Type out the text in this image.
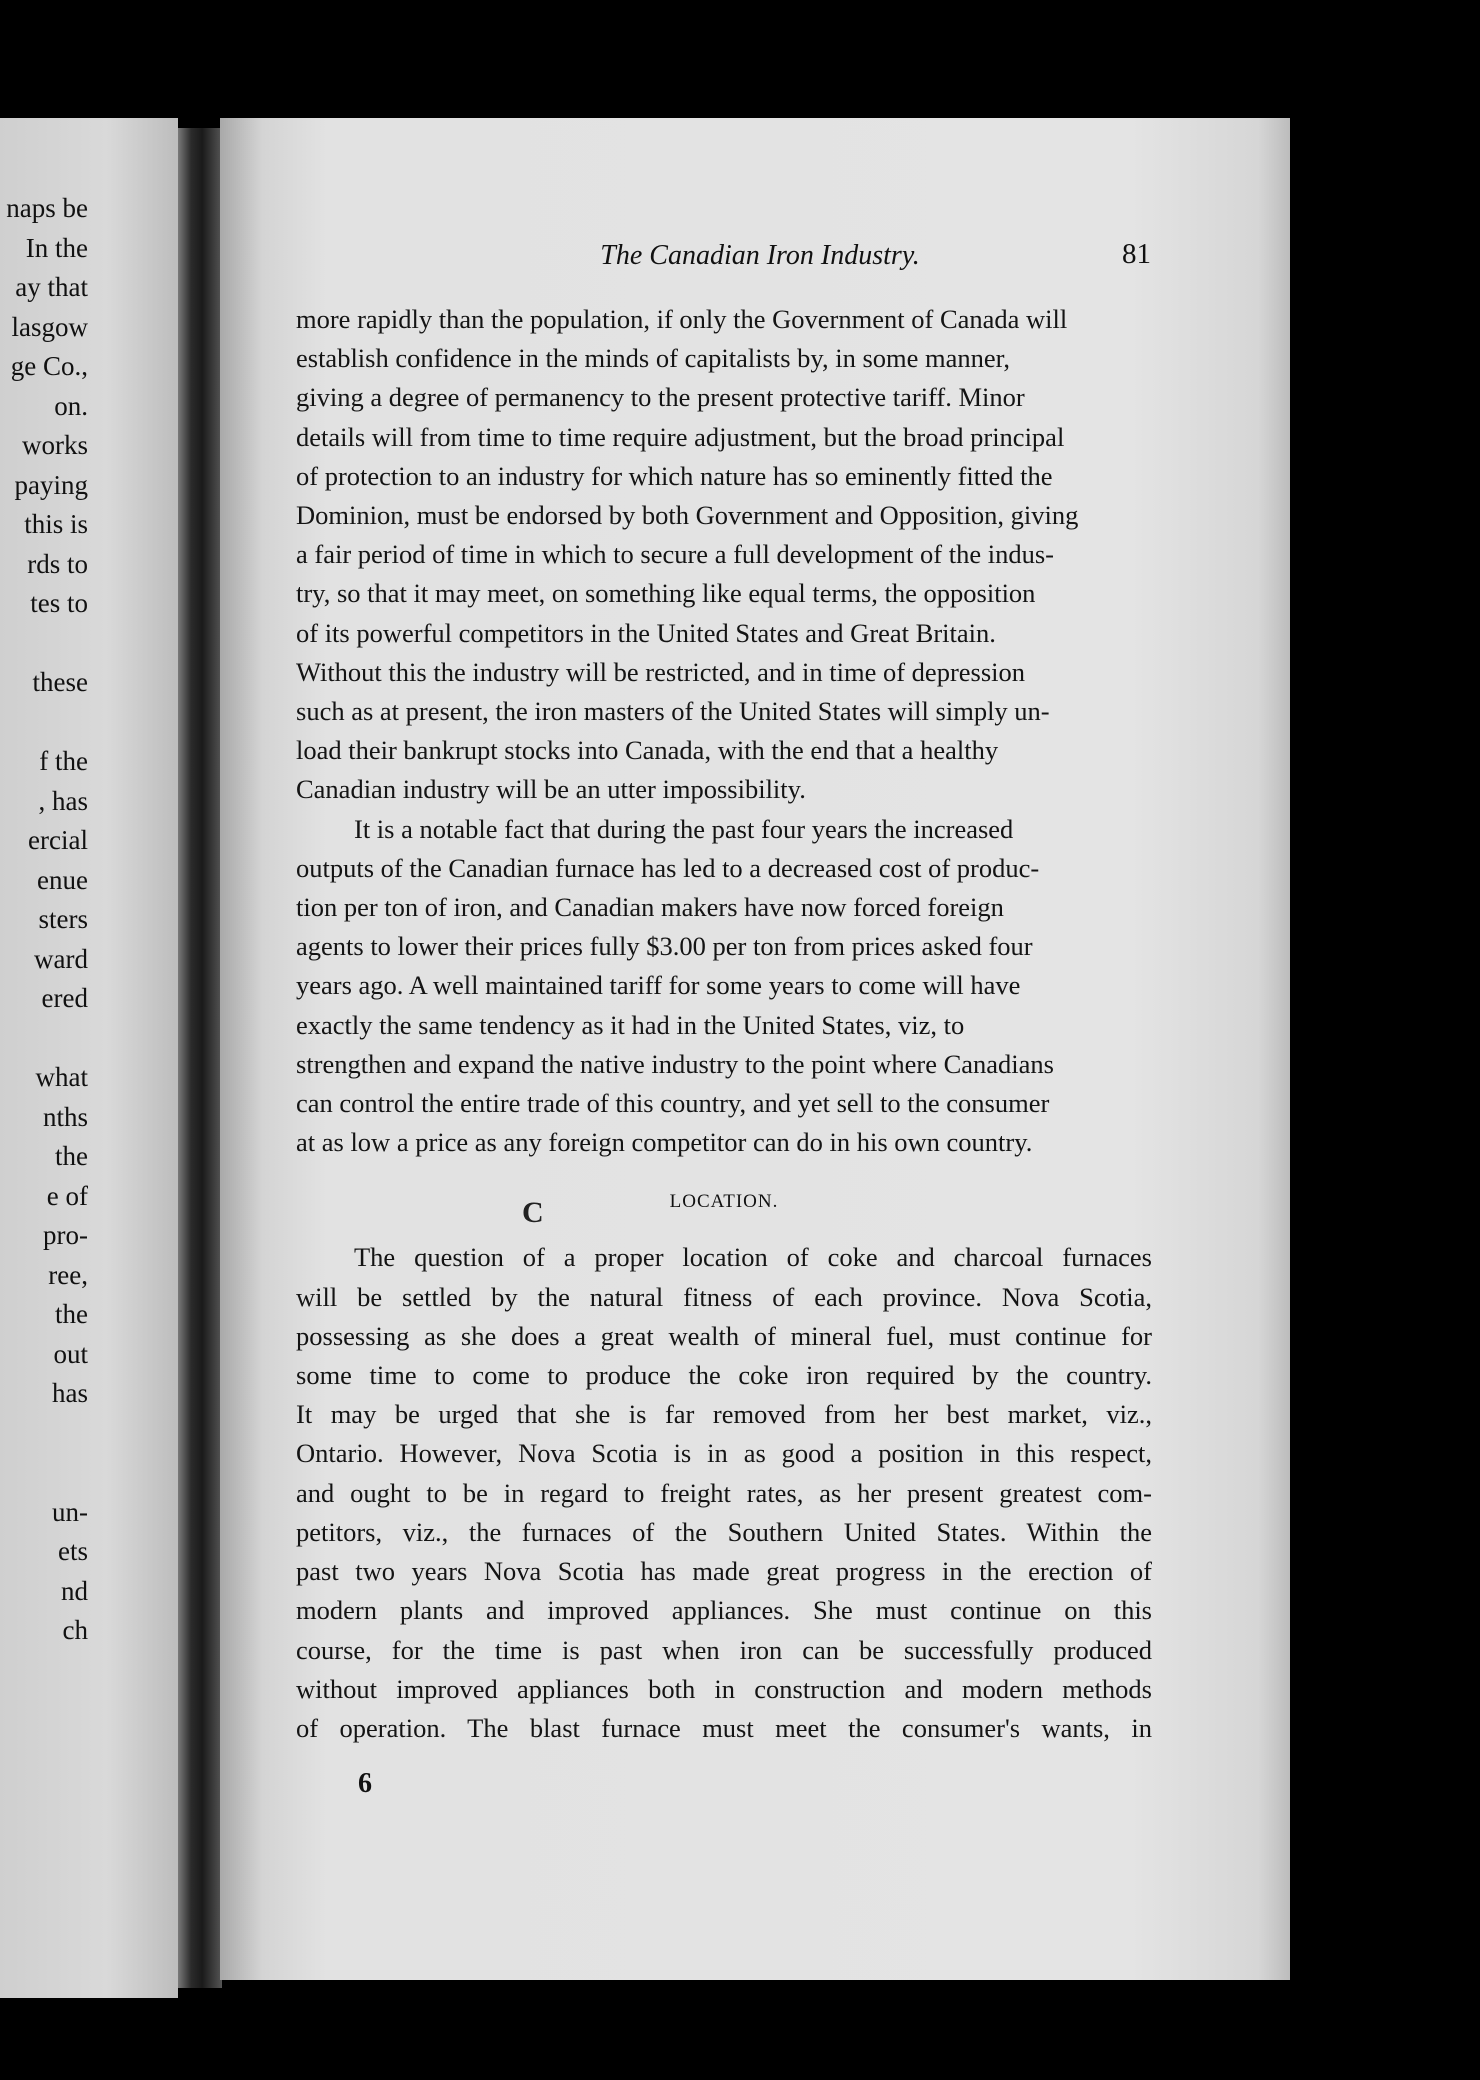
naps be
In the
ay that
lasgow
ge Co.,
on.
works
paying
this is
rds to
tes to
these
f the
, has
ercial
enue
sters
ward
ered
what
nths
the
e of
pro-
ree,
the
out
has
un-
ets
nd
ch
The Canadian Iron Industry.	81
C
more rapidly than the population, if only the Government of Canada will
establish confidence in the minds of capitalists by, in some manner,
giving a degree of permanency to the present protective tariff. Minor
details will from time to time require adjustment, but the broad principal
of protection to an industry for which nature has so eminently fitted the
Dominion, must be endorsed by both Government and Opposition, giving
a fair period of time in which to secure a full development of the indus-
try, so that it may meet, on something like equal terms, the opposition
of its powerful competitors in the United States and Great Britain.
Without this the industry will be restricted, and in time of depression
such as at present, the iron masters of the United States will simply un-
load their bankrupt stocks into Canada, with the end that a healthy
Canadian industry will be an utter impossibility.
It is a notable fact that during the past four years the increased
outputs of the Canadian furnace has led to a decreased cost of produc-
tion per ton of iron, and Canadian makers have now forced foreign
agents to lower their prices fully $3.00 per ton from prices asked four
years ago. A well maintained tariff for some years to come will have
exactly the same tendency as it had in the United States, viz, to
strengthen and expand the native industry to the point where Canadians
can control the entire trade of this country, and yet sell to the consumer
at as low a price as any foreign competitor can do in his own country.
LOCATION.
The question of a proper location of coke and charcoal furnaces
will be settled by the natural fitness of each province. Nova Scotia,
possessing as she does a great wealth of mineral fuel, must continue for
some time to come to produce the coke iron required by the country.
It may be urged that she is far removed from her best market, viz.,
Ontario. However, Nova Scotia is in as good a position in this respect,
and ought to be in regard to freight rates, as her present greatest com-
petitors, viz., the furnaces of the Southern United States. Within the
past two years Nova Scotia has made great progress in the erection of
modern plants and improved appliances. She must continue on this
course, for the time is past when iron can be successfully produced
without improved appliances both in construction and modern methods
of operation. The blast furnace must meet the consumer's wants, in
6
